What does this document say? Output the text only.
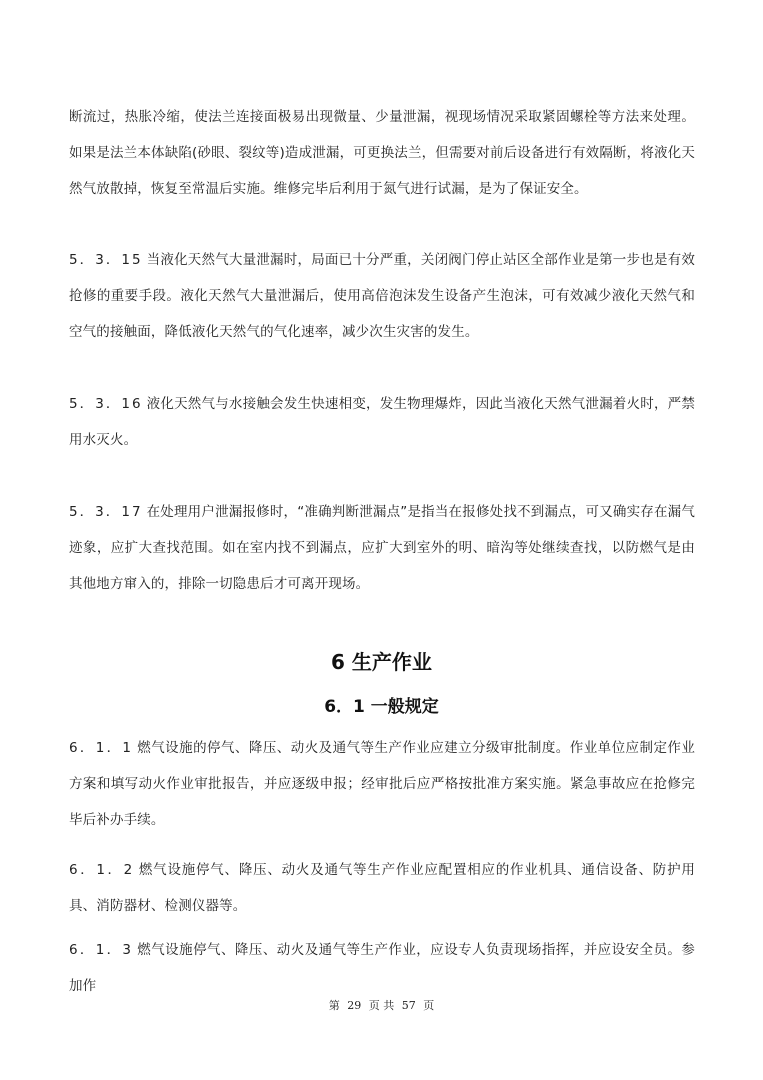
断流过，热胀冷缩，使法兰连接面极易出现微量、少量泄漏，视现场情况采取紧固螺栓等方法来处理。如果是法兰本体缺陷(砂眼、裂纹等)造成泄漏，可更换法兰，但需要对前后设备进行有效隔断，将液化天然气放散掉，恢复至常温后实施。维修完毕后利用于氮气进行试漏，是为了保证安全。

5．3．15 当液化天然气大量泄漏时，局面已十分严重，关闭阀门停止站区全部作业是第一步也是有效抢修的重要手段。液化天然气大量泄漏后，使用高倍泡沫发生设备产生泡沫，可有效减少液化天然气和空气的接触面，降低液化天然气的气化速率，减少次生灾害的发生。

5．3．16 液化天然气与水接触会发生快速相变，发生物理爆炸，因此当液化天然气泄漏着火时，严禁用水灭火。

5．3．17 在处理用户泄漏报修时，“准确判断泄漏点”是指当在报修处找不到漏点，可又确实存在漏气迹象，应扩大查找范围。如在室内找不到漏点，应扩大到室外的明、暗沟等处继续查找，以防燃气是由其他地方窜入的，排除一切隐患后才可离开现场。

6 生产作业
6．1 一般规定

6．1．1 燃气设施的停气、降压、动火及通气等生产作业应建立分级审批制度。作业单位应制定作业方案和填写动火作业审批报告，并应逐级申报；经审批后应严格按批准方案实施。紧急事故应在抢修完毕后补办手续。

6．1．2 燃气设施停气、降压、动火及通气等生产作业应配置相应的作业机具、通信设备、防护用具、消防器材、检测仪器等。

6．1．3 燃气设施停气、降压、动火及通气等生产作业，应设专人负责现场指挥，并应设安全员。参加作

第 29 页 共 57 页
